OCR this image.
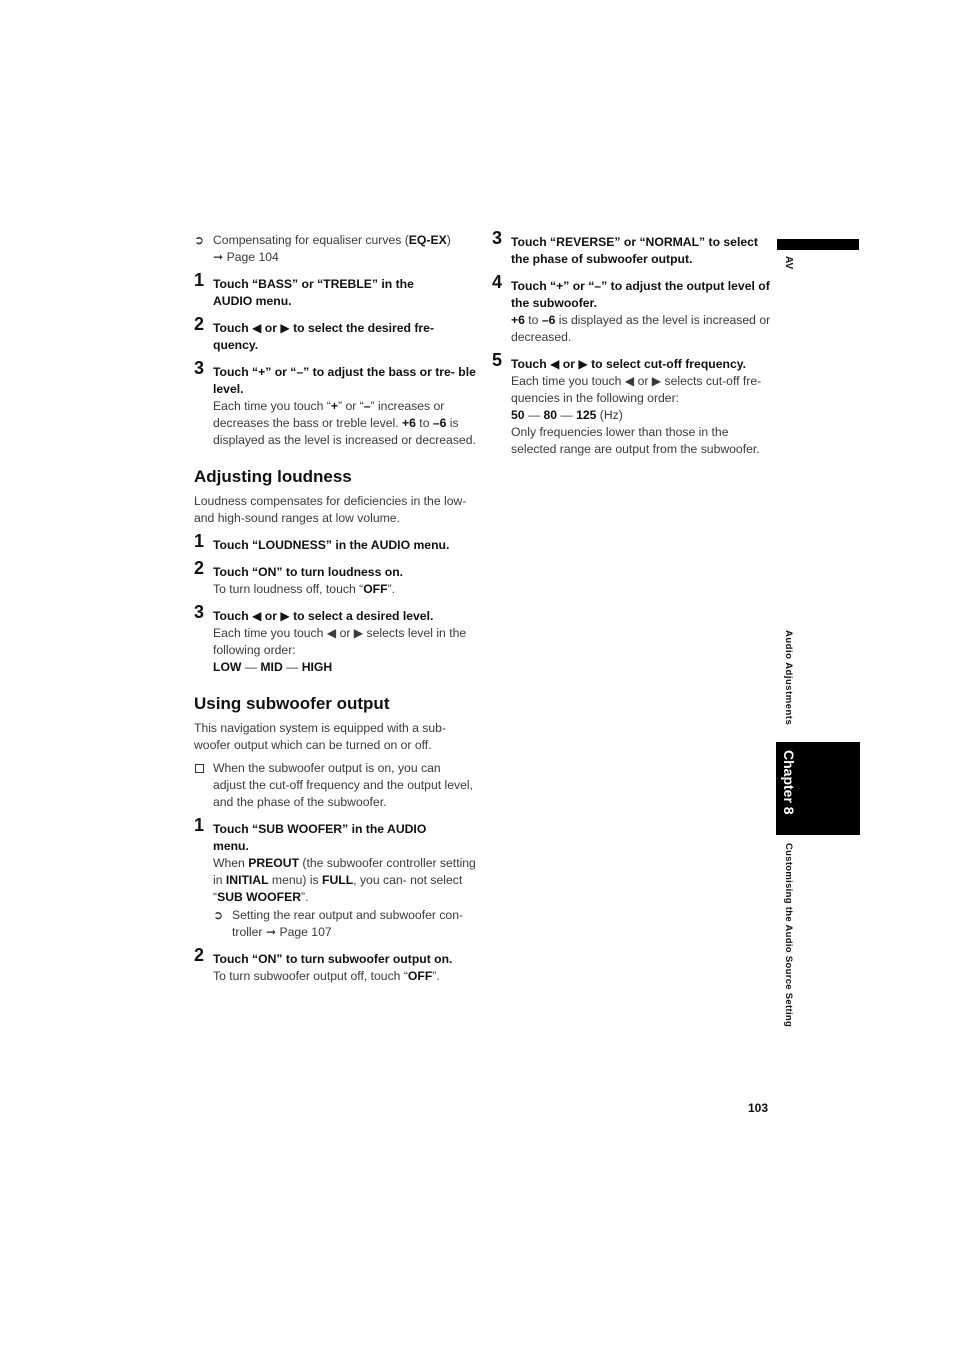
➲ Compensating for equaliser curves (EQ-EX)
➞ Page 104
1 Touch “BASS” or “TREBLE” in the
AUDIO menu.
2 Touch ◀ or ▶ to select the desired fre- quency.
3 Touch “+” or “–” to adjust the bass or tre- ble level.
Each time you touch “+” or “–” increases or decreases the bass or treble level. +6 to –6 is displayed as the level is increased or decreased.
Adjusting loudness
Loudness compensates for deficiencies in the low- and high-sound ranges at low volume.
1 Touch “LOUDNESS” in the AUDIO menu.
2 Touch “ON” to turn loudness on.
To turn loudness off, touch “OFF”.
3 Touch ◀ or ▶ to select a desired level.
Each time you touch ◀ or ▶ selects level in the following order:
LOW — MID — HIGH
Using subwoofer output
This navigation system is equipped with a sub- woofer output which can be turned on or off.
When the subwoofer output is on, you can adjust the cut-off frequency and the output level, and the phase of the subwoofer.
1 Touch “SUB WOOFER” in the AUDIO
menu.
When PREOUT (the subwoofer controller setting in INITIAL menu) is FULL, you can- not select “SUB WOOFER”.
➲ Setting the rear output and subwoofer con- troller ➞ Page 107
2 Touch “ON” to turn subwoofer output on.
To turn subwoofer output off, touch “OFF”.
3 Touch “REVERSE” or “NORMAL” to select the phase of subwoofer output.
4 Touch “+” or “–” to adjust the output level of the subwoofer.
+6 to –6 is displayed as the level is increased or decreased.
5 Touch ◀ or ▶ to select cut-off frequency.
Each time you touch ◀ or ▶ selects cut-off fre- quencies in the following order:
50 — 80 — 125 (Hz)
Only frequencies lower than those in the selected range are output from the subwoofer.
AV
Audio Adjustments
Chapter 8
Customising the Audio Source Setting
103
